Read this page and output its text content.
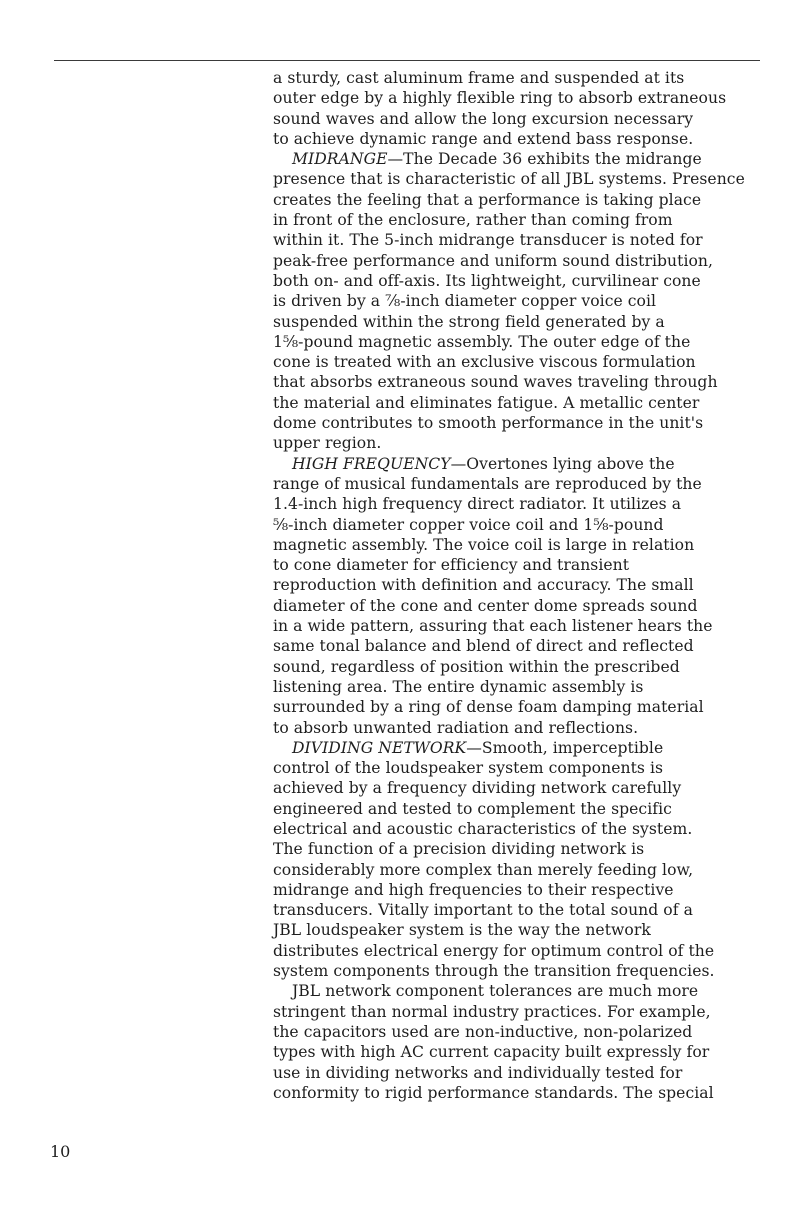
a sturdy, cast aluminum frame and suspended at its
outer edge by a highly flexible ring to absorb extraneous
sound waves and allow the long excursion necessary
to achieve dynamic range and extend bass response.
MIDRANGE—The Decade 36 exhibits the midrange
presence that is characteristic of all JBL systems. Presence
creates the feeling that a performance is taking place
in front of the enclosure, rather than coming from
within it. The 5-inch midrange transducer is noted for
peak-free performance and uniform sound distribution,
both on- and off-axis. Its lightweight, curvilinear cone
is driven by a ⅞-inch diameter copper voice coil
suspended within the strong field generated by a
1⅝-pound magnetic assembly. The outer edge of the
cone is treated with an exclusive viscous formulation
that absorbs extraneous sound waves traveling through
the material and eliminates fatigue. A metallic center
dome contributes to smooth performance in the unit's
upper region.
HIGH FREQUENCY—Overtones lying above the
range of musical fundamentals are reproduced by the
1.4-inch high frequency direct radiator. It utilizes a
⅝-inch diameter copper voice coil and 1⅝-pound
magnetic assembly. The voice coil is large in relation
to cone diameter for efficiency and transient
reproduction with definition and accuracy. The small
diameter of the cone and center dome spreads sound
in a wide pattern, assuring that each listener hears the
same tonal balance and blend of direct and reflected
sound, regardless of position within the prescribed
listening area. The entire dynamic assembly is
surrounded by a ring of dense foam damping material
to absorb unwanted radiation and reflections.
DIVIDING NETWORK—Smooth, imperceptible
control of the loudspeaker system components is
achieved by a frequency dividing network carefully
engineered and tested to complement the specific
electrical and acoustic characteristics of the system.
The function of a precision dividing network is
considerably more complex than merely feeding low,
midrange and high frequencies to their respective
transducers. Vitally important to the total sound of a
JBL loudspeaker system is the way the network
distributes electrical energy for optimum control of the
system components through the transition frequencies.
JBL network component tolerances are much more
stringent than normal industry practices. For example,
the capacitors used are non-inductive, non-polarized
types with high AC current capacity built expressly for
use in dividing networks and individually tested for
conformity to rigid performance standards. The special
10
